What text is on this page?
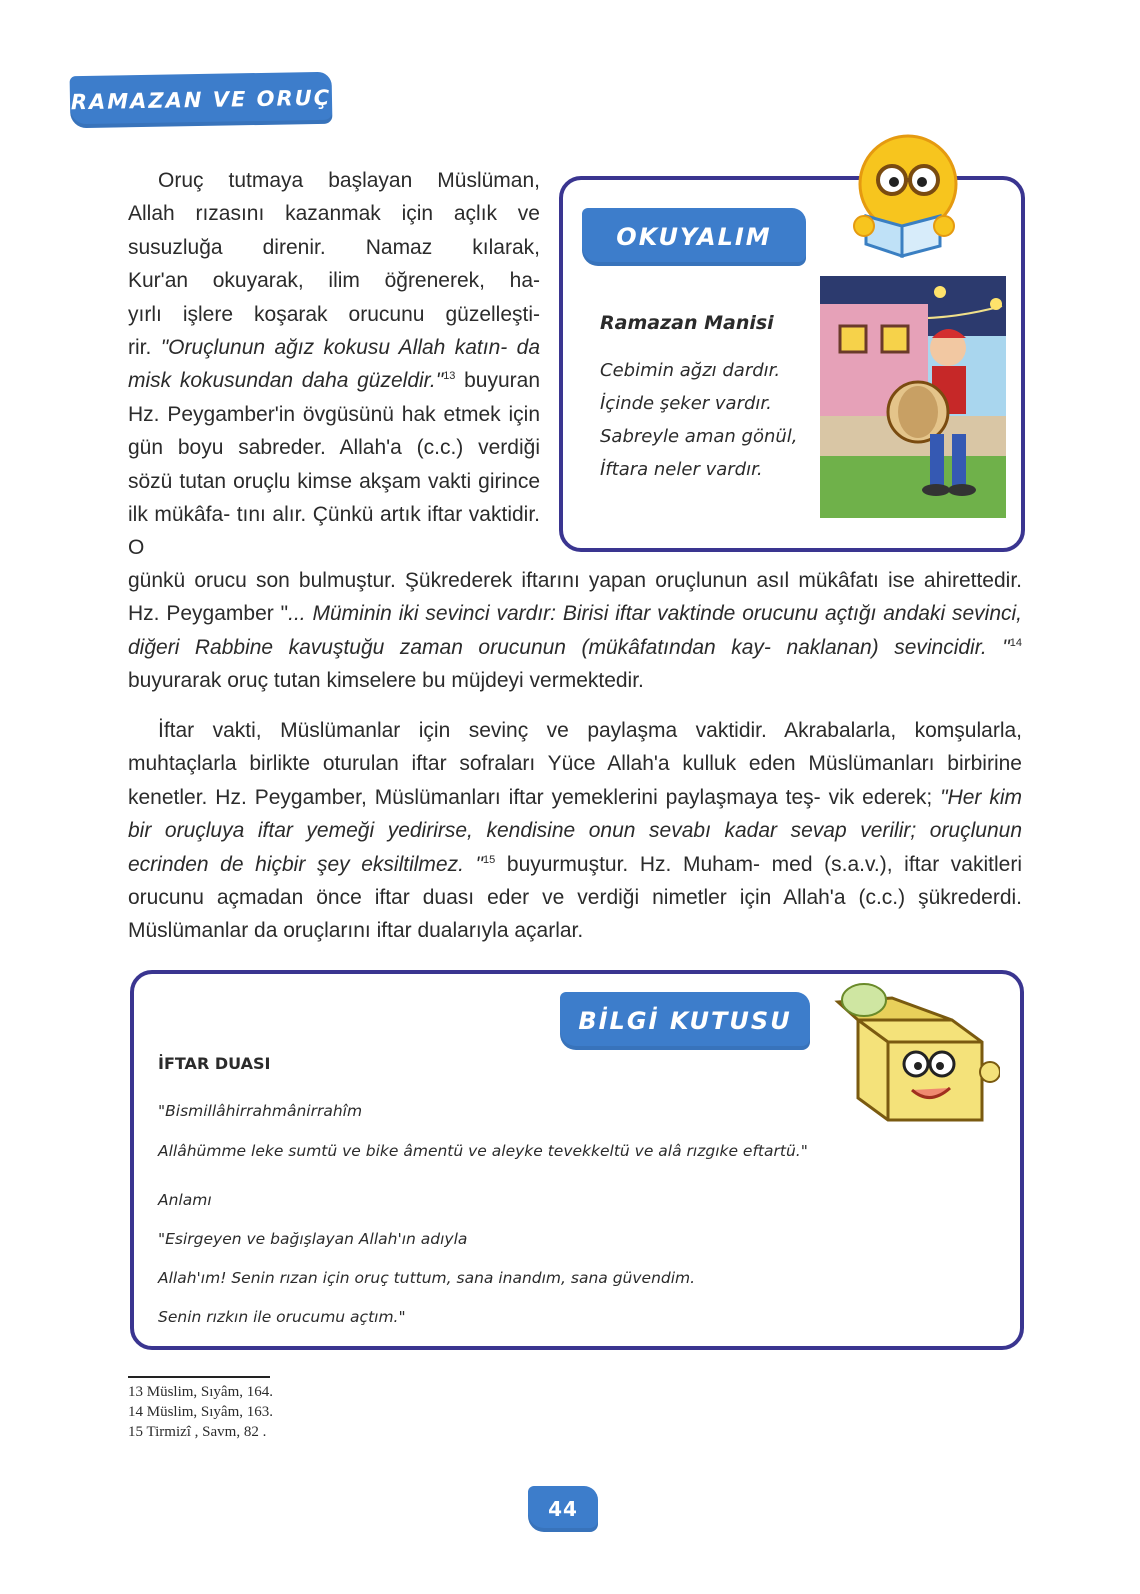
RAMAZAN VE ORUÇ
Oruç tutmaya başlayan Müslüman,
Allah rızasını kazanmak için açlık ve
susuzluğa direnir. Namaz kılarak,
Kur'an okuyarak, ilim öğrenerek, ha-
yırlı işlere koşarak orucunu güzelleşti-
rir. "Oruçlunun ağız kokusu Allah katın- da misk kokusundan daha güzeldir."$^{13}$ buyuran Hz. Peygamber'in övgüsünü hak etmek için gün boyu sabreder. Allah'a (c.c.) verdiği sözü tutan oruçlu kimse akşam vakti girince ilk mükâfa- tını alır. Çünkü artık iftar vaktidir. O
günkü orucu son bulmuştur. Şükrederek iftarını yapan oruçlunun asıl mükâfatı ise ahirettedir. Hz. Peygamber "... Müminin iki sevinci vardır: Birisi iftar vaktinde orucunu açtığı andaki sevinci, diğeri Rabbine kavuştuğu zaman orucunun (mükâfatından kay- naklanan) sevincidir. "$^{14}$ buyurarak oruç tutan kimselere bu müjdeyi vermektedir.
İftar vakti, Müslümanlar için sevinç ve paylaşma vaktidir. Akrabalarla, komşularla, muhtaçlarla birlikte oturulan iftar sofraları Yüce Allah'a kulluk eden Müslümanları birbirine kenetler. Hz. Peygamber, Müslümanları iftar yemeklerini paylaşmaya teş- vik ederek; "Her kim bir oruçluya iftar yemeği yedirirse, kendisine onun sevabı kadar sevap verilir; oruçlunun ecrinden de hiçbir şey eksiltilmez. "$^{15}$ buyurmuştur. Hz. Muham- med (s.a.v.), iftar vakitleri orucunu açmadan önce iftar duası eder ve verdiği nimetler için Allah'a (c.c.) şükrederdi. Müslümanlar da oruçlarını iftar dualarıyla açarlar.
OKUYALIM
Ramazan Manisi
Cebimin ağzı dardır.
İçinde şeker vardır.
Sabreyle aman gönül,
İftara neler vardır.
BİLGİ KUTUSU
İFTAR DUASI
"Bismillâhirrahmânirrahîm
Allâhümme leke sumtü ve bike âmentü ve aleyke tevekkeltü ve alâ rızgıke eftartü."
Anlamı
"Esirgeyen ve bağışlayan Allah'ın adıyla
Allah'ım! Senin rızan için oruç tuttum, sana inandım, sana güvendim.
Senin rızkın ile orucumu açtım."
13 Müslim, Sıyâm, 164.
14 Müslim, Sıyâm, 163.
15 Tirmizî , Savm, 82 .
44
